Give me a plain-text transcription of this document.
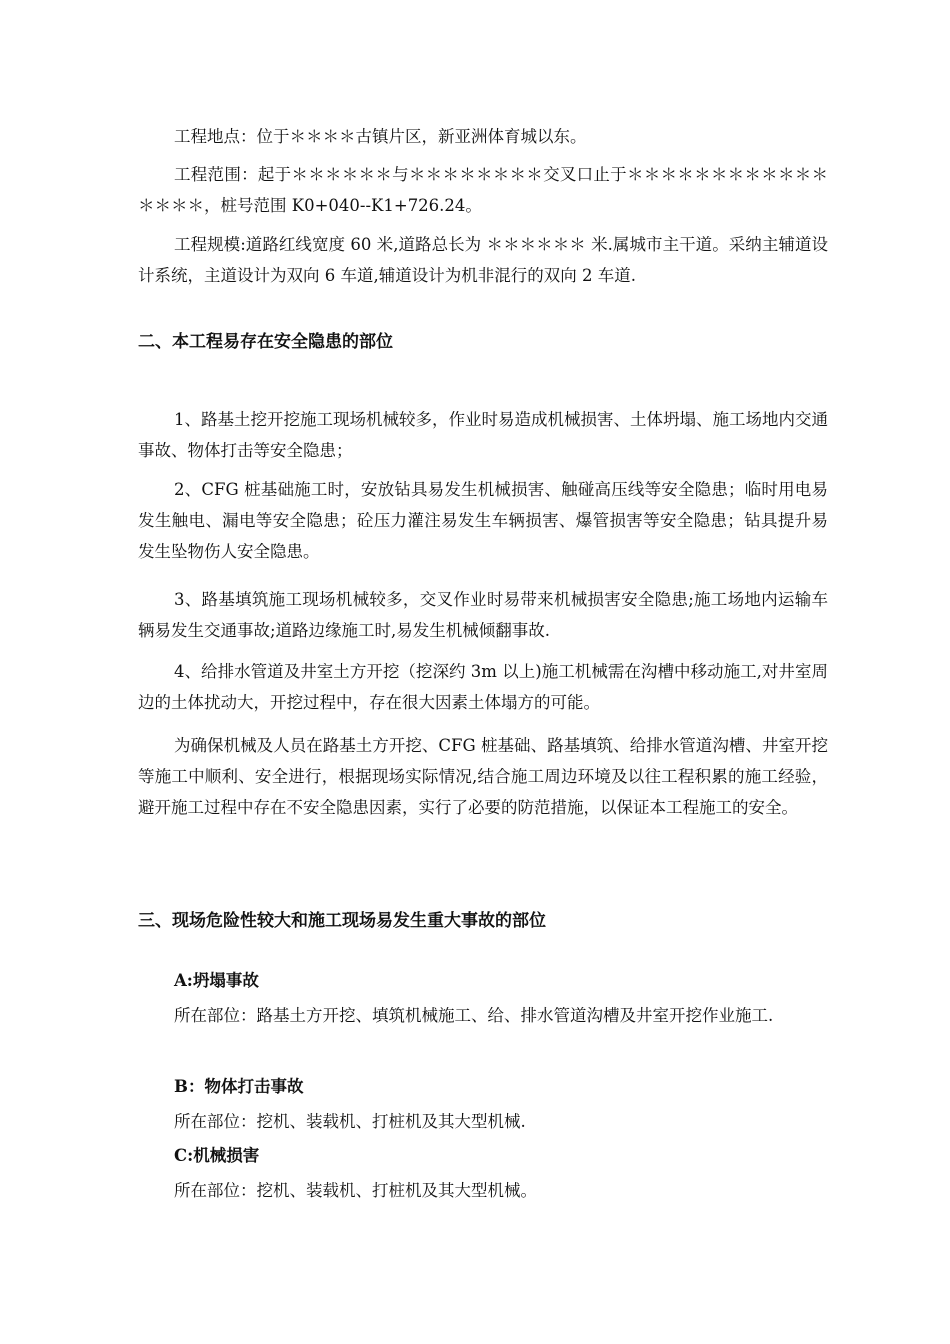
工程地点：位于＊＊＊＊古镇片区，新亚洲体育城以东。

工程范围：起于＊＊＊＊＊＊与＊＊＊＊＊＊＊＊交叉口止于＊＊＊＊＊＊＊＊＊＊＊＊＊＊＊＊，桩号范围 K0+040--K1+726.24。

工程规模:道路红线宽度 60 米,道路总长为 ＊＊＊＊＊＊ 米.属城市主干道。采纳主辅道设计系统，主道设计为双向 6 车道,辅道设计为机非混行的双向 2 车道.

二、本工程易存在安全隐患的部位

1、路基土挖开挖施工现场机械较多，作业时易造成机械损害、土体坍塌、施工场地内交通事故、物体打击等安全隐患；

2、CFG 桩基础施工时，安放钻具易发生机械损害、触碰高压线等安全隐患；临时用电易发生触电、漏电等安全隐患；砼压力灌注易发生车辆损害、爆管损害等安全隐患；钻具提升易发生坠物伤人安全隐患。

3、路基填筑施工现场机械较多，交叉作业时易带来机械损害安全隐患;施工场地内运输车辆易发生交通事故;道路边缘施工时,易发生机械倾翻事故.

4、给排水管道及井室土方开挖（挖深约 3m 以上)施工机械需在沟槽中移动施工,对井室周边的土体扰动大，开挖过程中，存在很大因素土体塌方的可能。

为确保机械及人员在路基土方开挖、CFG 桩基础、路基填筑、给排水管道沟槽、井室开挖等施工中顺利、安全进行，根据现场实际情况,结合施工周边环境及以往工程积累的施工经验，避开施工过程中存在不安全隐患因素，实行了必要的防范措施，以保证本工程施工的安全。

三、现场危险性较大和施工现场易发生重大事故的部位
A:坍塌事故

所在部位：路基土方开挖、填筑机械施工、给、排水管道沟槽及井室开挖作业施工.

B：物体打击事故

所在部位：挖机、装载机、打桩机及其大型机械.

C:机械损害

所在部位：挖机、装载机、打桩机及其大型机械。
